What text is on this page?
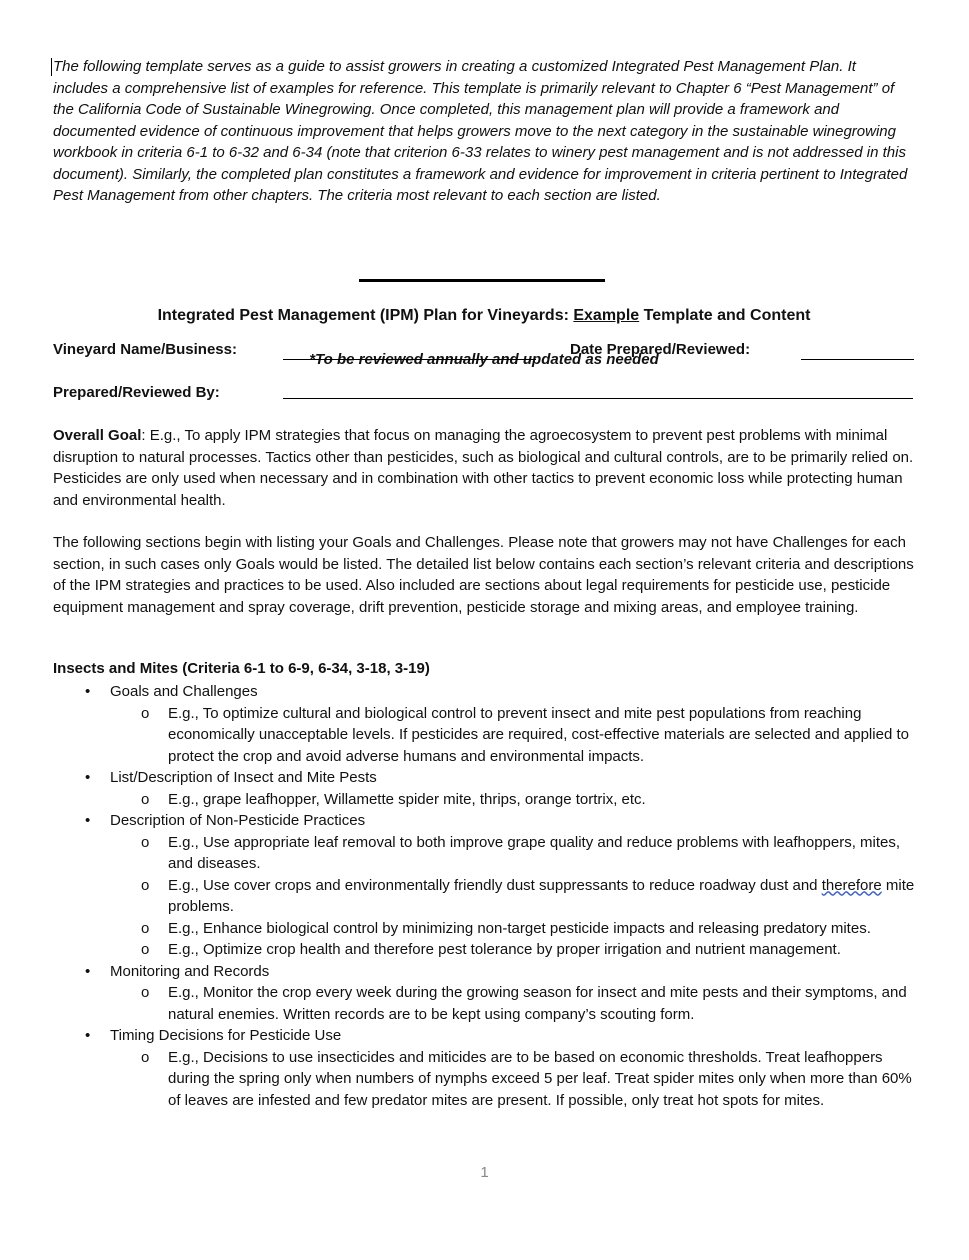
The following template serves as a guide to assist growers in creating a customized Integrated Pest Management Plan. It includes a comprehensive list of examples for reference. This template is primarily relevant to Chapter 6 “Pest Management” of the California Code of Sustainable Winegrowing. Once completed, this management plan will provide a framework and documented evidence of continuous improvement that helps growers move to the next category in the sustainable winegrowing workbook in criteria 6-1 to 6-32 and 6-34 (note that criterion 6-33 relates to winery pest management and is not addressed in this document). Similarly, the completed plan constitutes a framework and evidence for improvement in criteria pertinent to Integrated Pest Management from other chapters. The criteria most relevant to each section are listed.

Integrated Pest Management (IPM) Plan for Vineyards: Example Template and Content
*To be reviewed annually and updated as needed
Vineyard Name/Business:	Date Prepared/Reviewed:
Prepared/Reviewed By:

Overall Goal: E.g., To apply IPM strategies that focus on managing the agroecosystem to prevent pest problems with minimal disruption to natural processes. Tactics other than pesticides, such as biological and cultural controls, are to be primarily relied on. Pesticides are only used when necessary and in combination with other tactics to prevent economic loss while protecting human and environmental health.

The following sections begin with listing your Goals and Challenges. Please note that growers may not have Challenges for each section, in such cases only Goals would be listed. The detailed list below contains each section’s relevant criteria and descriptions of the IPM strategies and practices to be used. Also included are sections about legal requirements for pesticide use, pesticide equipment management and spray coverage, drift prevention, pesticide storage and mixing areas, and employee training.

Insects and Mites (Criteria 6-1 to 6-9, 6-34, 3-18, 3-19)
• Goals and Challenges
o E.g., To optimize cultural and biological control to prevent insect and mite pest populations from reaching economically unacceptable levels. If pesticides are required, cost-effective materials are selected and applied to protect the crop and avoid adverse humans and environmental impacts.
• List/Description of Insect and Mite Pests
o E.g., grape leafhopper, Willamette spider mite, thrips, orange tortrix, etc.
• Description of Non-Pesticide Practices
o E.g., Use appropriate leaf removal to both improve grape quality and reduce problems with leafhoppers, mites, and diseases.
o E.g., Use cover crops and environmentally friendly dust suppressants to reduce roadway dust and therefore mite problems.
o E.g., Enhance biological control by minimizing non-target pesticide impacts and releasing predatory mites.
o E.g., Optimize crop health and therefore pest tolerance by proper irrigation and nutrient management.
• Monitoring and Records
o E.g., Monitor the crop every week during the growing season for insect and mite pests and their symptoms, and natural enemies. Written records are to be kept using company’s scouting form.
• Timing Decisions for Pesticide Use
o E.g., Decisions to use insecticides and miticides are to be based on economic thresholds. Treat leafhoppers during the spring only when numbers of nymphs exceed 5 per leaf. Treat spider mites only when more than 60% of leaves are infested and few predator mites are present. If possible, only treat hot spots for mites.
1
